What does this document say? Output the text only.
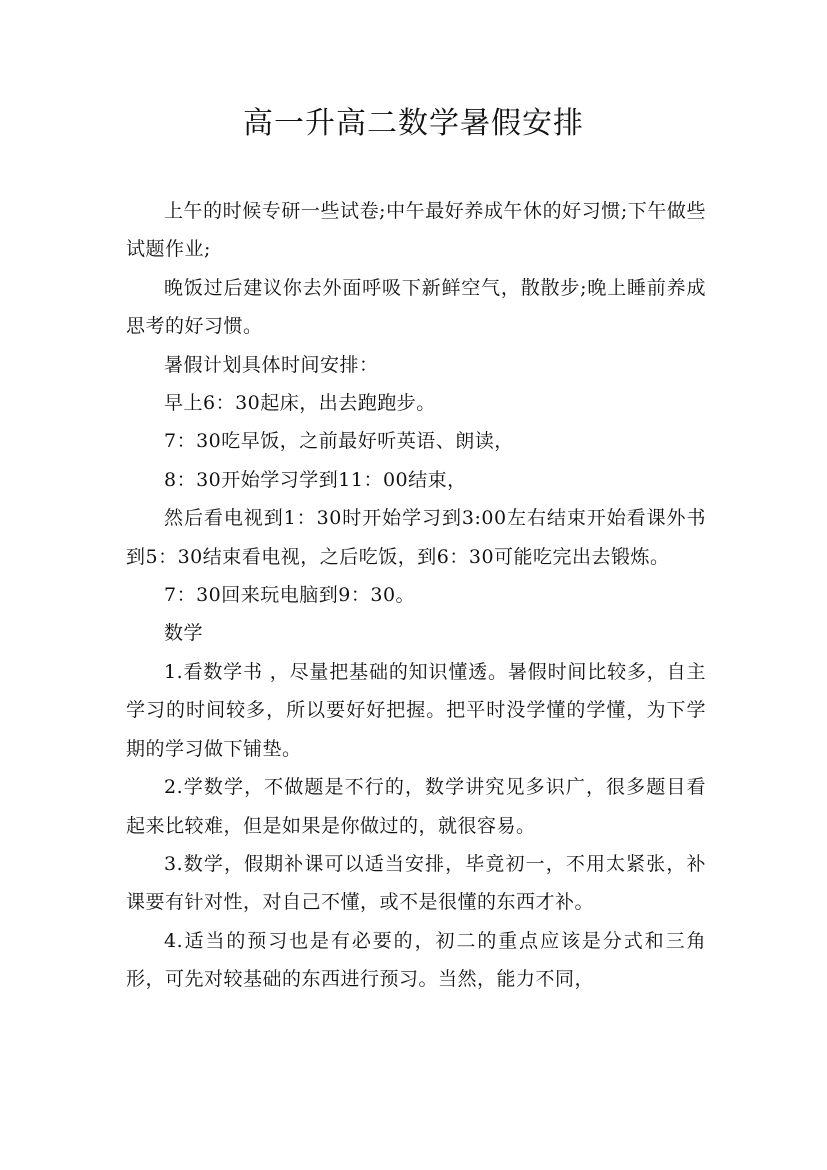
高一升高二数学暑假安排

上午的时候专研一些试卷;中午最好养成午休的好习惯;下午做些试题作业;

晚饭过后建议你去外面呼吸下新鲜空气，散散步;晚上睡前养成思考的好习惯。

暑假计划具体时间安排：

早上6：30起床，出去跑跑步。

7：30吃早饭，之前最好听英语、朗读，

8：30开始学习学到11：00结束，

然后看电视到1：30时开始学习到3:00左右结束开始看课外书到5：30结束看电视，之后吃饭，到6：30可能吃完出去锻炼。

7：30回来玩电脑到9：30。

数学

1.看数学书 ，尽量把基础的知识懂透。暑假时间比较多，自主学习的时间较多，所以要好好把握。把平时没学懂的学懂，为下学期的学习做下铺垫。

2.学数学，不做题是不行的，数学讲究见多识广，很多题目看起来比较难，但是如果是你做过的，就很容易。

3.数学，假期补课可以适当安排，毕竟初一，不用太紧张，补课要有针对性，对自己不懂，或不是很懂的东西才补。

4.适当的预习也是有必要的，初二的重点应该是分式和三角形，可先对较基础的东西进行预习。当然，能力不同，
